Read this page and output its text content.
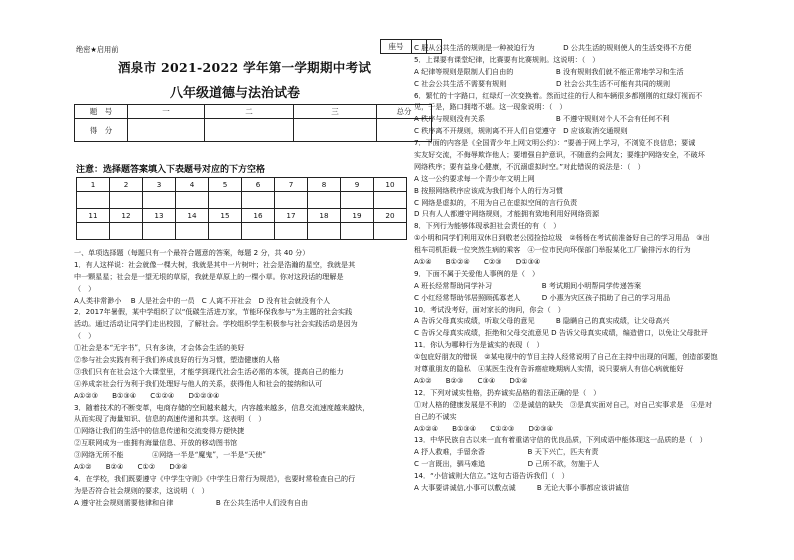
绝密★启用前	座号		
酒泉市 2021-2022 学年第一学期期中考试
八年级道德与法治试卷
题　号	一	二	三	总分
得　分				
注意：选择题答案填入下表题号对应的下方空格
1	2	3	4	5	6	7	8	9	10

11	12	13	14	15	16	17	18	19	20

一、单项选择题（每题只有一个最符合题意的答案，每题 2 分，共 40 分）
1．有人这样说：社会就像一棵大树，我就是其中一片树叶；社会是浩瀚的星空，我就是其
中一颗星星；社会是一望无垠的草原，我就是草原上的一棵小草。你对这段话的理解是
（　）
A人类非常渺小　 B 人是社会中的一员　C 人离不开社会　D 没有社会就没有个人
2．2017年暑假，某中学组织了以“低碳生活进万家，节能环保我参与”为主题的社会实践
活动。通过活动让同学们走出校园，了解社会。学校组织学生积极参与社会实践活动是因为
（　）
①社会是本“无字书”，只有多读，才会体会生活的美好
②参与社会实践有利于我们养成良好的行为习惯，塑造健康的人格
③我们只有在社会这个大课堂里，才能学到现代社会生活必需的本领，提高自己的能力
④养成亲社会行为利于我们处理好与他人的关系，获得他人和社会的接纳和认可
A①②③　　B①③④　　C①②④　　D①②③④
3．随着技术的不断变革，电商存储的空间越来越大，内容越来越多，信息交流速度越来越快，
从而实现了海量知识、信息的高速传递和共享。这表明（　）
①网络让我们的生活中的信息传递和交流变得方便快捷
②互联网成为一座拥有海量信息、开放的移动图书馆
③网络无所不能　　　　④网络一半是“魔鬼”，一半是“天使”
A①②　　B②④　　C①②　　D③④
4．在学校，我们既要遵守《中学生守则》《中学生日常行为规范》，也要时常检查自己的行
为是否符合社会规则的要求，这说明（　）
A 遵守社会规则需要他律和自律　　　　　　B 在公共生活中人们没有自由
C 服从公共生活的规则是一种被迫行为　　　　D 公共生活的规则使人的生活变得不方便
5．上课要有课堂纪律，比赛要有比赛规则。这说明：（　）
A 纪律等规则是限制人们自由的　　　　　　B 没有规则我们就不能正常地学习和生活
C 社会公共生活不需要有规则　　　　　　　D 社会公共生活不可能有共同的规则
6．繁忙的十字路口，红绿灯一次变换着。然而过往的行人和车辆很多都刚刚的红绿灯视而不
见，于是，路口拥堵不堪。这一现象说明：（　）
A 秩序与规则没有关系　　　　　　　　　　B 不遵守规则对个人不会有任何不利
C 秩序离不开规则，规则离不开人们自觉遵守　D 应该取消交通规则
7．下面的内容是《全国青少年上网文明公约》：“要善于网上学习，不浏览不良信息；要诚
实友好交流，不侮辱欺诈他人；要增强自护意识，不随意约会网友；要维护网络安全，不破坏
网络秩序；要有益身心健康，不沉溺虚拟时空。”对此错误的说法是：（　）
A 这一公约要求每一个青少年文明上网
B 按照网络秩序应该成为我们每个人的行为习惯
C 网络是虚拟的，不用为自己在虚拟空间的言行负责
D 只有人人都遵守网络规则，才能拥有致地利用好网络资源
8．下列行为能够体现承担社会责任的有（　）
①小明和同学们利用双休日到敬老公园捡拾垃圾　②杨杨在考试前准备好自己的学习用品　③出
租车司机拒载一位突然生病的乘客　④一位市民向环保部门举报某化工厂偷排污水的行为
A①④　　B①②④　　C②③　　D①③④
9．下面不属于关爱他人事例的是（　）
A 班长经常帮助同学补习　　　　　　　B 考试期间小明帮同学传递答案
C 小红经常帮助邻居照顾孤寡老人　　　D 小惠为灾区孩子捐助了自己的学习用品
10．考试没考好，面对家长的询问，你会（　）
A 告诉父母真实成绩，听取父母的意见　　　B 隐瞒自己的真实成绩，让父母高兴
C 告诉父母真实成绩，拒绝和父母交流意见 D 告诉父母真实成绩，编造借口，以免让父母批评
11．你认为哪种行为是诚实的表现（　）
①包庇好朋友的错误　②某电视中的节目主持人经常说明了自己在主持中出现的问题，创造部要饱
对尊重朋友的隐私　④某医生没有告诉癌症晚期病人实情，说只要病人有信心病就能好
A①②　　B②③　　C③④　　D①④
12．下列对诚实性格，扔弃诚实品格的看法正确的是（　）
①对人格的健康发展是不利的　②是诚信的缺失　③是真实面对自己，对自己实事求是　④是对
自己的不诚实
A①②④　　B①③④　　C①②③　　D②③④
13．中华民族自古以来一直有着重诺守信的优良品质，下列成语中能体现这一品质的是（　）
A 抒人救难，手留余香　　　　　　B 天下兴亡，匹夫有责
C 一言既出，驷马难追　　　　　　D 己所不欲，勿施于人
14．“小信诚则大信立。”这句古语告诉我们（　）
A 大事要讲诚信,小事可以敷点诚　　　B 无论大事小事都应该讲诚信
